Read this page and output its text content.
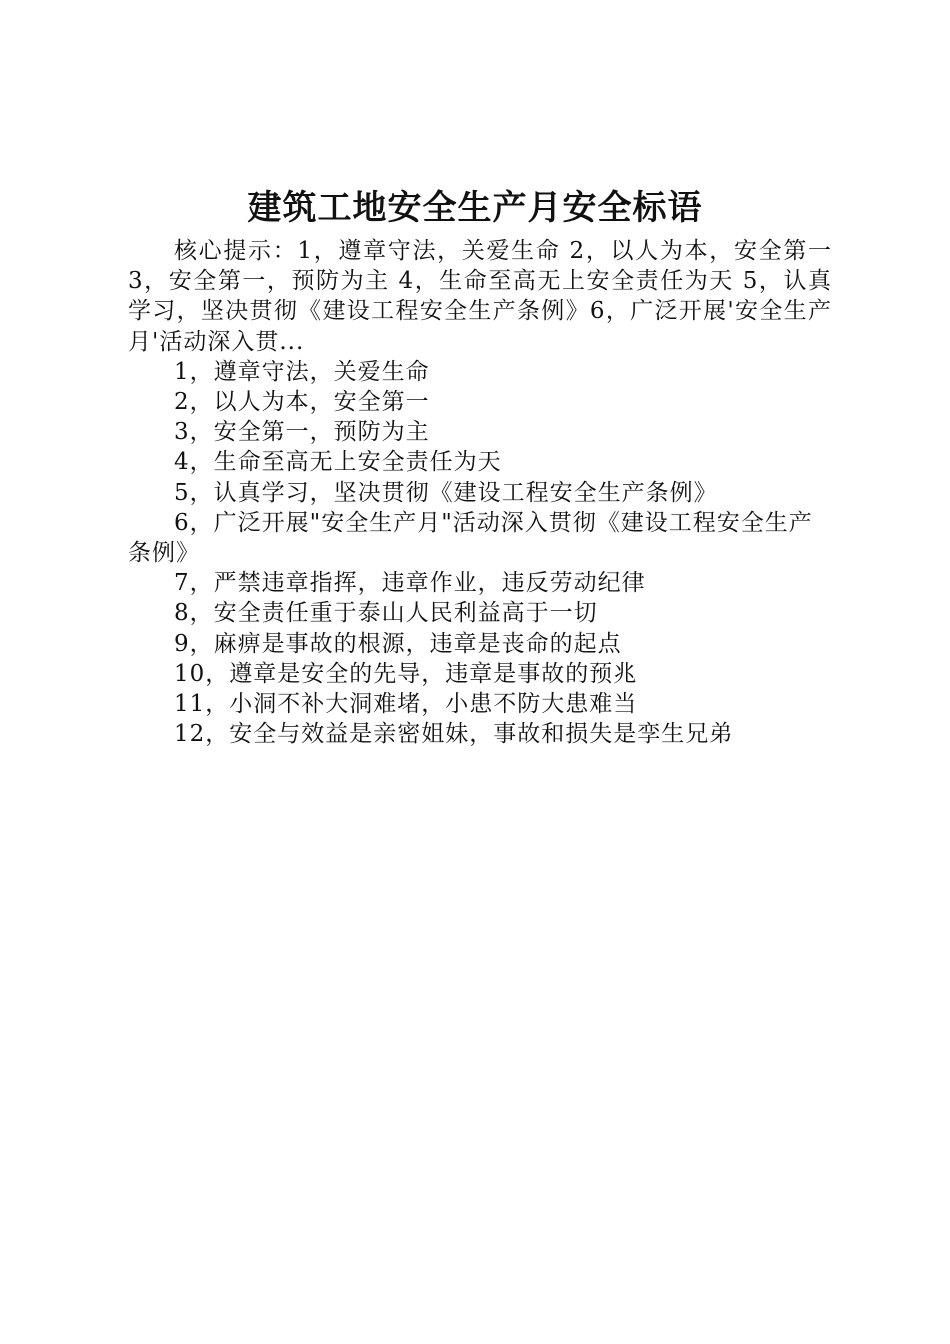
建筑工地安全生产月安全标语

核心提示：1，遵章守法，关爱生命 2，以人为本，安全第一 3，安全第一，预防为主 4，生命至高无上安全责任为天 5，认真学习，坚决贯彻《建设工程安全生产条例》6，广泛开展'安全生产月'活动深入贯...

1，遵章守法，关爱生命

2，以人为本，安全第一

3，安全第一，预防为主

4，生命至高无上安全责任为天

5，认真学习，坚决贯彻《建设工程安全生产条例》

6，广泛开展"安全生产月"活动深入贯彻《建设工程安全生产条例》

7，严禁违章指挥，违章作业，违反劳动纪律

8，安全责任重于泰山人民利益高于一切

9，麻痹是事故的根源，违章是丧命的起点

10，遵章是安全的先导，违章是事故的预兆

11，小洞不补大洞难堵，小患不防大患难当

12，安全与效益是亲密姐妹，事故和损失是孪生兄弟
